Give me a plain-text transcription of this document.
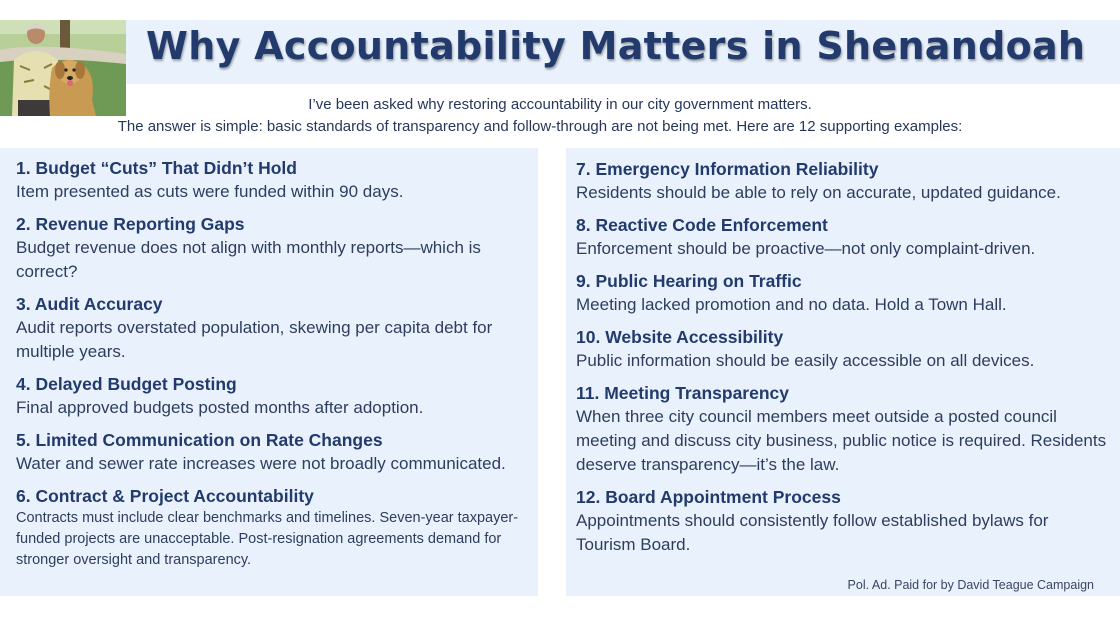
Why Accountability Matters in Shenandoah
I’ve been asked why restoring accountability in our city government matters.
The answer is simple: basic standards of transparency and follow-through are not being met. Here are 12 supporting examples:
1. Budget “Cuts” That Didn’t Hold
Item presented as cuts were funded within 90 days.
2. Revenue Reporting Gaps
Budget revenue does not align with monthly reports—which is correct?
3. Audit Accuracy
Audit reports overstated population, skewing per capita debt for multiple years.
4. Delayed Budget Posting
Final approved budgets posted months after adoption.
5. Limited Communication on Rate Changes
Water and sewer rate increases were not broadly communicated.
6. Contract & Project Accountability
Contracts must include clear benchmarks and timelines. Seven-year taxpayer-funded projects are unacceptable. Post-resignation agreements demand for stronger oversight and transparency.
7. Emergency Information Reliability
Residents should be able to rely on accurate, updated guidance.
8. Reactive Code Enforcement
Enforcement should be proactive—not only complaint-driven.
9. Public Hearing on Traffic
Meeting lacked promotion and no data. Hold a Town Hall.
10. Website Accessibility
Public information should be easily accessible on all devices.
11. Meeting Transparency
When three city council members meet outside a posted council meeting and discuss city business, public notice is required. Residents deserve transparency—it’s the law.
12. Board Appointment Process
Appointments should consistently follow established bylaws for Tourism Board.
Pol. Ad. Paid for by David Teague Campaign
